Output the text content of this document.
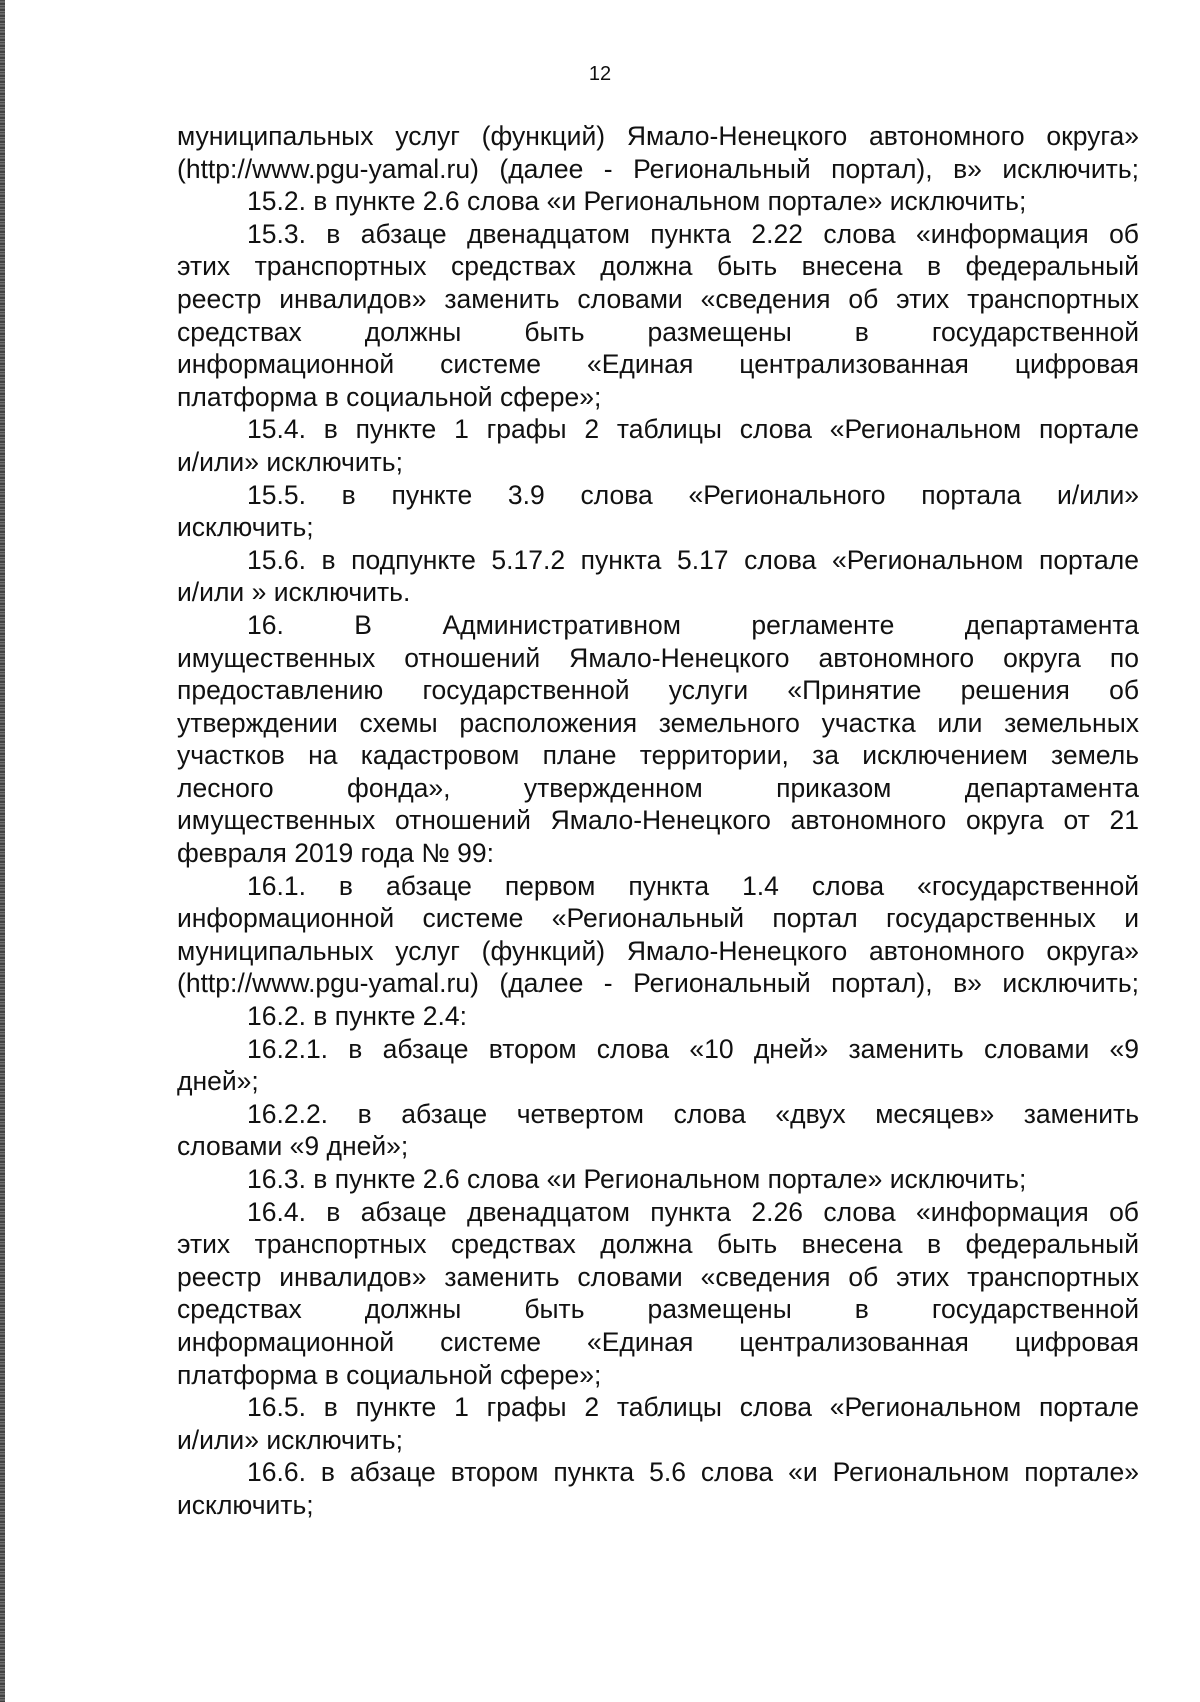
12
муниципальных услуг (функций) Ямало-Ненецкого автономного округа»
(http://www.pgu-yamal.ru) (далее - Региональный портал), в» исключить;
15.2. в пункте 2.6 слова «и Региональном портале» исключить;
15.3. в абзаце двенадцатом пункта 2.22 слова «информация об
этих транспортных средствах должна быть внесена в федеральный
реестр инвалидов» заменить словами «сведения об этих транспортных
средствах должны быть размещены в государственной
информационной системе «Единая централизованная цифровая
платформа в социальной сфере»;
15.4. в пункте 1 графы 2 таблицы слова «Региональном портале
и/или» исключить;
15.5. в пункте 3.9 слова «Регионального портала и/или»
исключить;
15.6. в подпункте 5.17.2 пункта 5.17 слова «Региональном портале
и/или » исключить.
16. В Административном регламенте департамента
имущественных отношений Ямало-Ненецкого автономного округа по
предоставлению государственной услуги «Принятие решения об
утверждении схемы расположения земельного участка или земельных
участков на кадастровом плане территории, за исключением земель
лесного фонда», утвержденном приказом департамента
имущественных отношений Ямало-Ненецкого автономного округа от 21
февраля 2019 года № 99:
16.1. в абзаце первом пункта 1.4 слова «государственной
информационной системе «Региональный портал государственных и
муниципальных услуг (функций) Ямало-Ненецкого автономного округа»
(http://www.pgu-yamal.ru) (далее - Региональный портал), в» исключить;
16.2. в пункте 2.4:
16.2.1. в абзаце втором слова «10 дней» заменить словами «9
дней»;
16.2.2. в абзаце четвертом слова «двух месяцев» заменить
словами «9 дней»;
16.3. в пункте 2.6 слова «и Региональном портале» исключить;
16.4. в абзаце двенадцатом пункта 2.26 слова «информация об
этих транспортных средствах должна быть внесена в федеральный
реестр инвалидов» заменить словами «сведения об этих транспортных
средствах должны быть размещены в государственной
информационной системе «Единая централизованная цифровая
платформа в социальной сфере»;
16.5. в пункте 1 графы 2 таблицы слова «Региональном портале
и/или» исключить;
16.6. в абзаце втором пункта 5.6 слова «и Региональном портале»
исключить;
